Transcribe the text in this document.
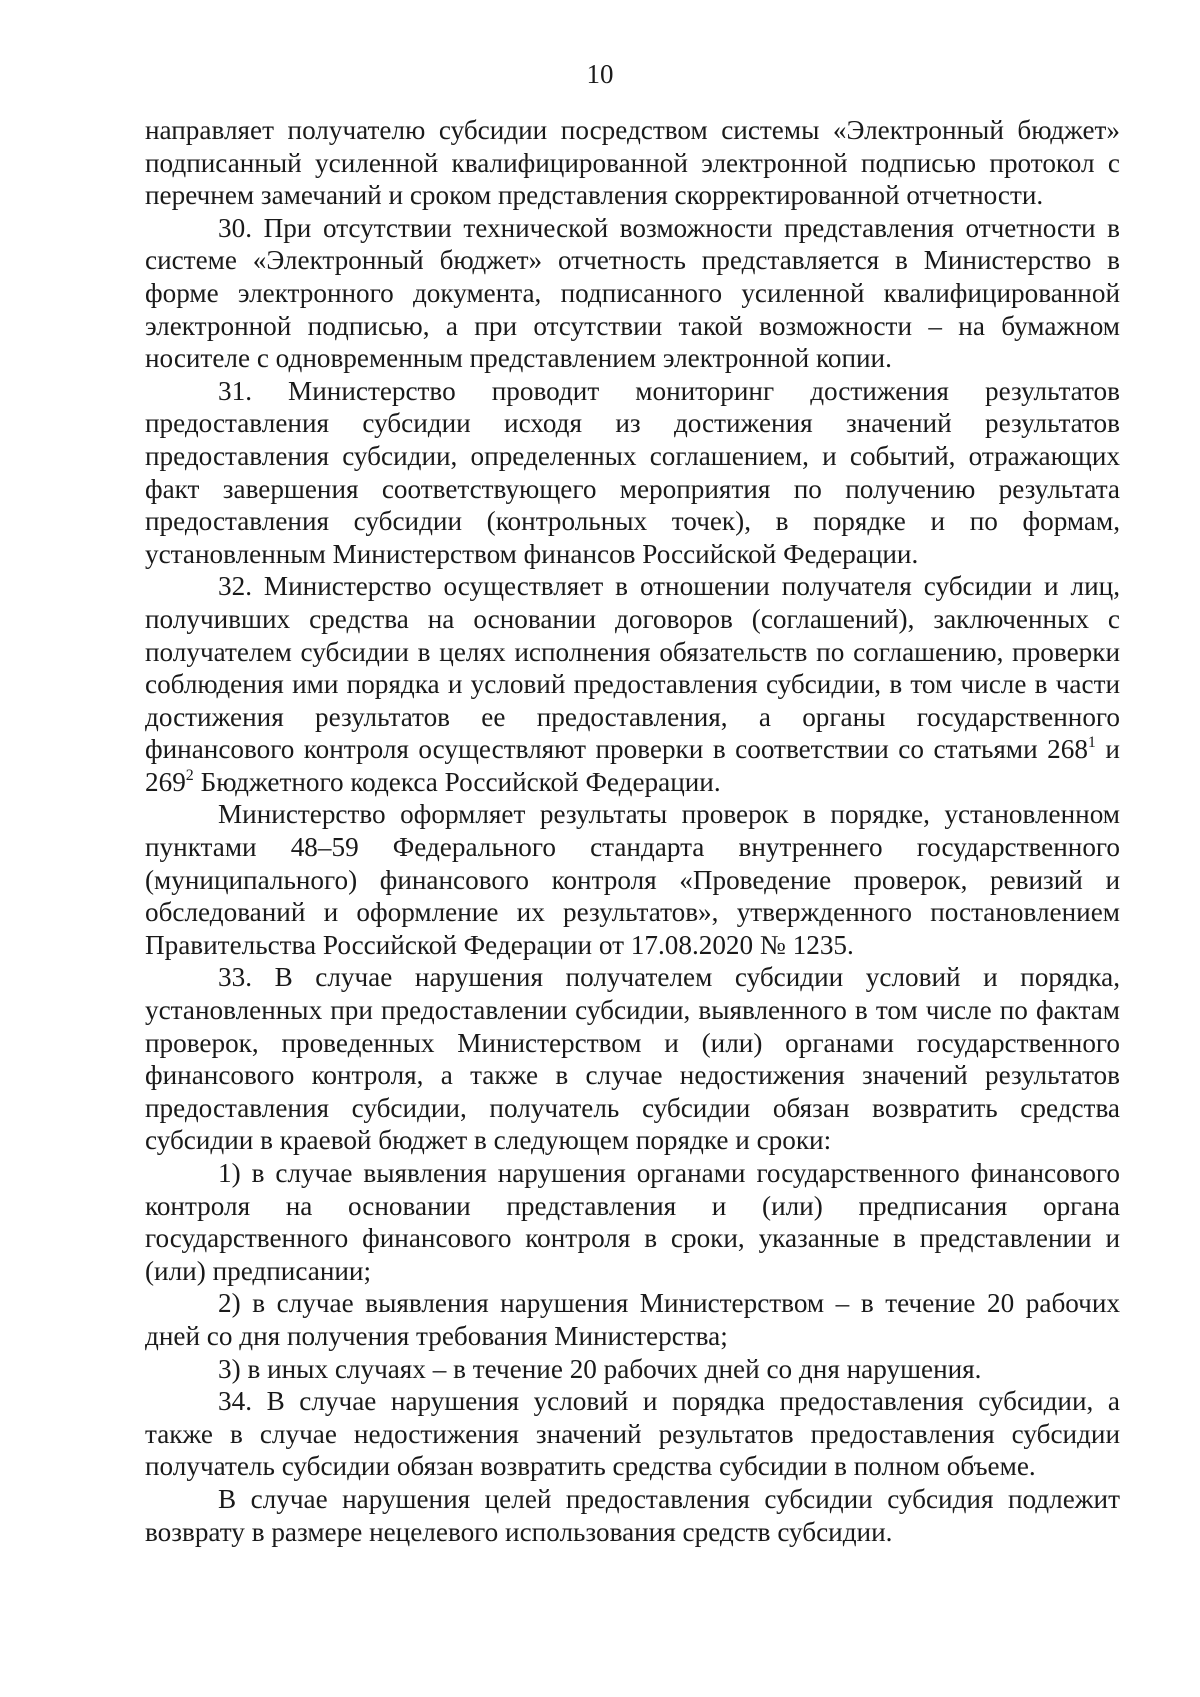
10

направляет получателю субсидии посредством системы «Электронный бюджет» подписанный усиленной квалифицированной электронной подписью протокол с перечнем замечаний и сроком представления скорректированной отчетности.

30. При отсутствии технической возможности представления отчетности в системе «Электронный бюджет» отчетность представляется в Министерство в форме электронного документа, подписанного усиленной квалифицированной электронной подписью, а при отсутствии такой возможности – на бумажном носителе с одновременным представлением электронной копии.

31. Министерство проводит мониторинг достижения результатов предоставления субсидии исходя из достижения значений результатов предоставления субсидии, определенных соглашением, и событий, отражающих факт завершения соответствующего мероприятия по получению результата предоставления субсидии (контрольных точек), в порядке и по формам, установленным Министерством финансов Российской Федерации.

32. Министерство осуществляет в отношении получателя субсидии и лиц, получивших средства на основании договоров (соглашений), заключенных с получателем субсидии в целях исполнения обязательств по соглашению, проверки соблюдения ими порядка и условий предоставления субсидии, в том числе в части достижения результатов ее предоставления, а органы государственного финансового контроля осуществляют проверки в соответствии со статьями $268^1$ и $269^2$ Бюджетного кодекса Российской Федерации.

Министерство оформляет результаты проверок в порядке, установленном пунктами 48–59 Федерального стандарта внутреннего государственного (муниципального) финансового контроля «Проведение проверок, ревизий и обследований и оформление их результатов», утвержденного постановлением Правительства Российской Федерации от 17.08.2020 № 1235.

33. В случае нарушения получателем субсидии условий и порядка, установленных при предоставлении субсидии, выявленного в том числе по фактам проверок, проведенных Министерством и (или) органами государственного финансового контроля, а также в случае недостижения значений результатов предоставления субсидии, получатель субсидии обязан возвратить средства субсидии в краевой бюджет в следующем порядке и сроки:

1) в случае выявления нарушения органами государственного финансового контроля на основании представления и (или) предписания органа государственного финансового контроля в сроки, указанные в представлении и (или) предписании;

2) в случае выявления нарушения Министерством – в течение 20 рабочих дней со дня получения требования Министерства;

3) в иных случаях – в течение 20 рабочих дней со дня нарушения.

34. В случае нарушения условий и порядка предоставления субсидии, а также в случае недостижения значений результатов предоставления субсидии получатель субсидии обязан возвратить средства субсидии в полном объеме.

В случае нарушения целей предоставления субсидии субсидия подлежит возврату в размере нецелевого использования средств субсидии.
